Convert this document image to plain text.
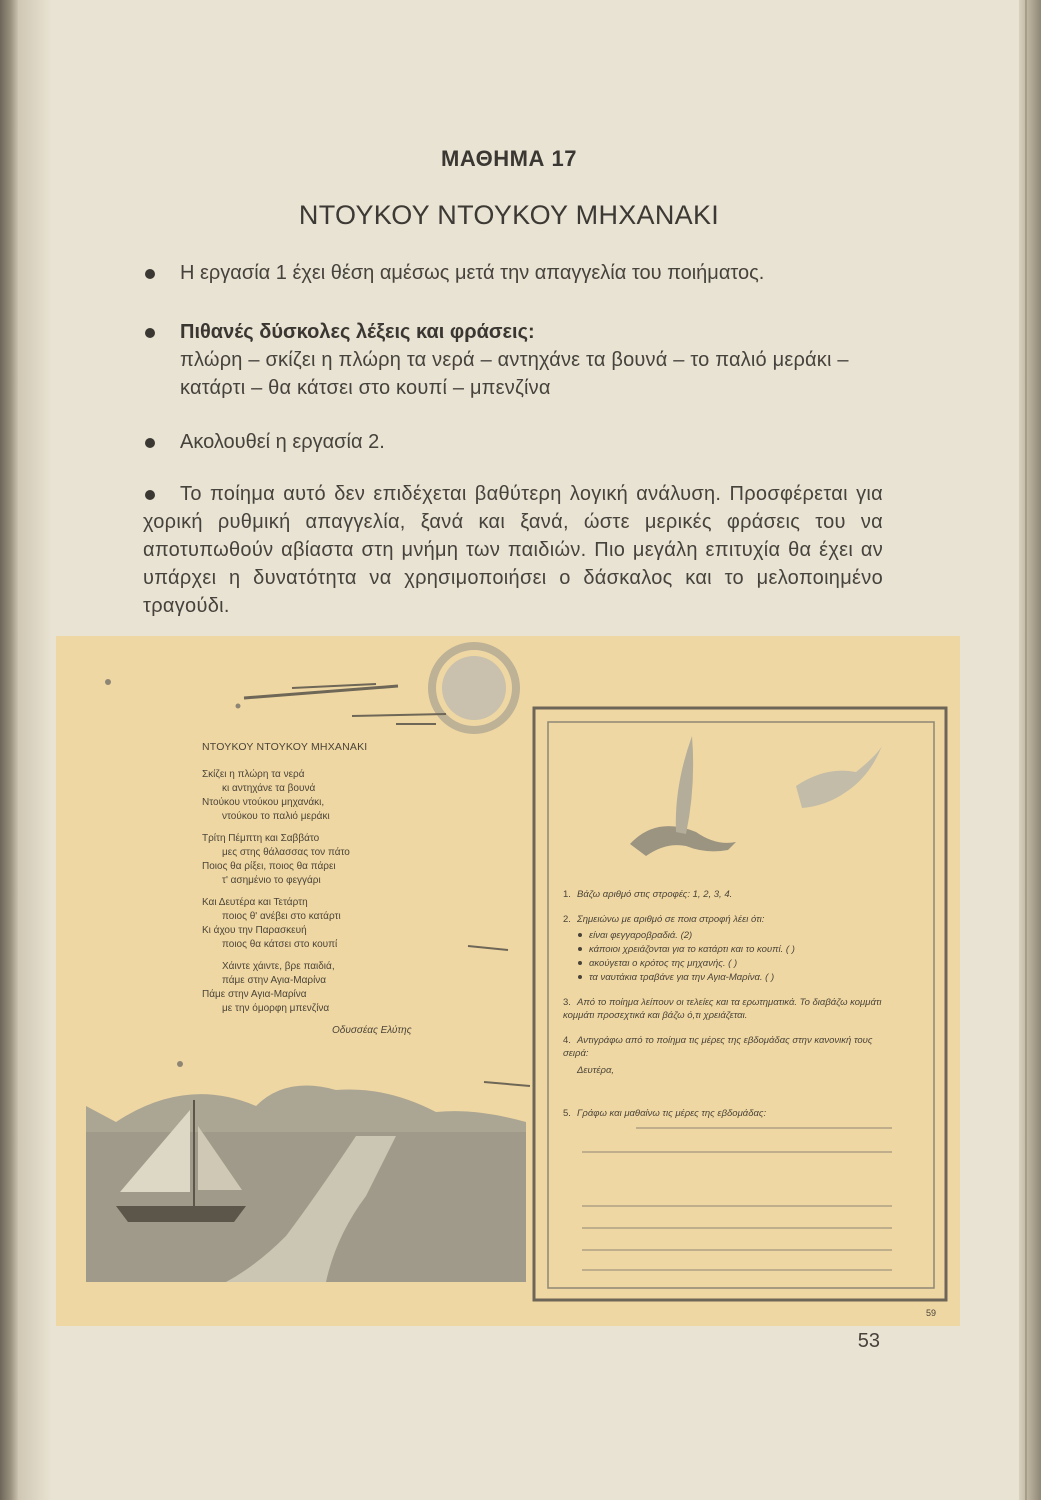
ΜΑΘΗΜΑ 17
ΝΤΟΥΚΟΥ ΝΤΟΥΚΟΥ ΜΗΧΑΝΑΚΙ
Η εργασία 1 έχει θέση αμέσως μετά την απαγγελία του ποιήματος.
Πιθανές δύσκολες λέξεις και φράσεις:
πλώρη – σκίζει η πλώρη τα νερά – αντηχάνε τα βουνά – το παλιό μεράκι – κατάρτι – θα κάτσει στο κουπί – μπενζίνα
Ακολουθεί η εργασία 2.
Το ποίημα αυτό δεν επιδέχεται βαθύτερη λογική ανάλυση. Προσφέρεται για χορική ρυθμική απαγγελία, ξανά και ξανά, ώστε μερικές φράσεις του να αποτυπωθούν αβίαστα στη μνήμη των παιδιών. Πιο μεγάλη επιτυχία θα έχει αν υπάρχει η δυνατότητα να χρησιμοποιήσει ο δάσκαλος και το μελοποιημένο τραγούδι.
ΝΤΟΥΚΟΥ ΝΤΟΥΚΟΥ ΜΗΧΑΝΑΚΙ
Σκίζει η πλώρη τα νερά
κι αντηχάνε τα βουνά
Ντούκου ντούκου μηχανάκι,
ντούκου το παλιό μεράκι
Τρίτη Πέμπτη και Σαββάτο
μες στης θάλασσας τον πάτο
Ποιος θα ρίξει, ποιος θα πάρει
τ' ασημένιο το φεγγάρι
Και Δευτέρα και Τετάρτη
ποιος θ' ανέβει στο κατάρτι
Κι άχου την Παρασκευή
ποιος θα κάτσει στο κουπί
Χάιντε χάιντε, βρε παιδιά,
πάμε στην Αγια-Μαρίνα
Πάμε στην Αγια-Μαρίνα
με την όμορφη μπενζίνα
Οδυσσέας Ελύτης
1. Βάζω αριθμό στις στροφές: 1, 2, 3, 4.
2. Σημειώνω με αριθμό σε ποια στροφή λέει ότι:
είναι φεγγαροβραδιά. (2)
κάποιοι χρειάζονται για το κατάρτι και το κουπί. ( )
ακούγεται ο κρότος της μηχανής. ( )
τα ναυτάκια τραβάνε για την Αγια-Μαρίνα. ( )
3. Από το ποίημα λείπουν οι τελείες και τα ερωτηματικά. Το διαβάζω κομμάτι κομμάτι προσεχτικά και βάζω ό,τι χρειάζεται.
4. Αντιγράφω από το ποίημα τις μέρες της εβδομάδας στην κανονική τους σειρά:
Δευτέρα,
5. Γράφω και μαθαίνω τις μέρες της εβδομάδας:
59
53
